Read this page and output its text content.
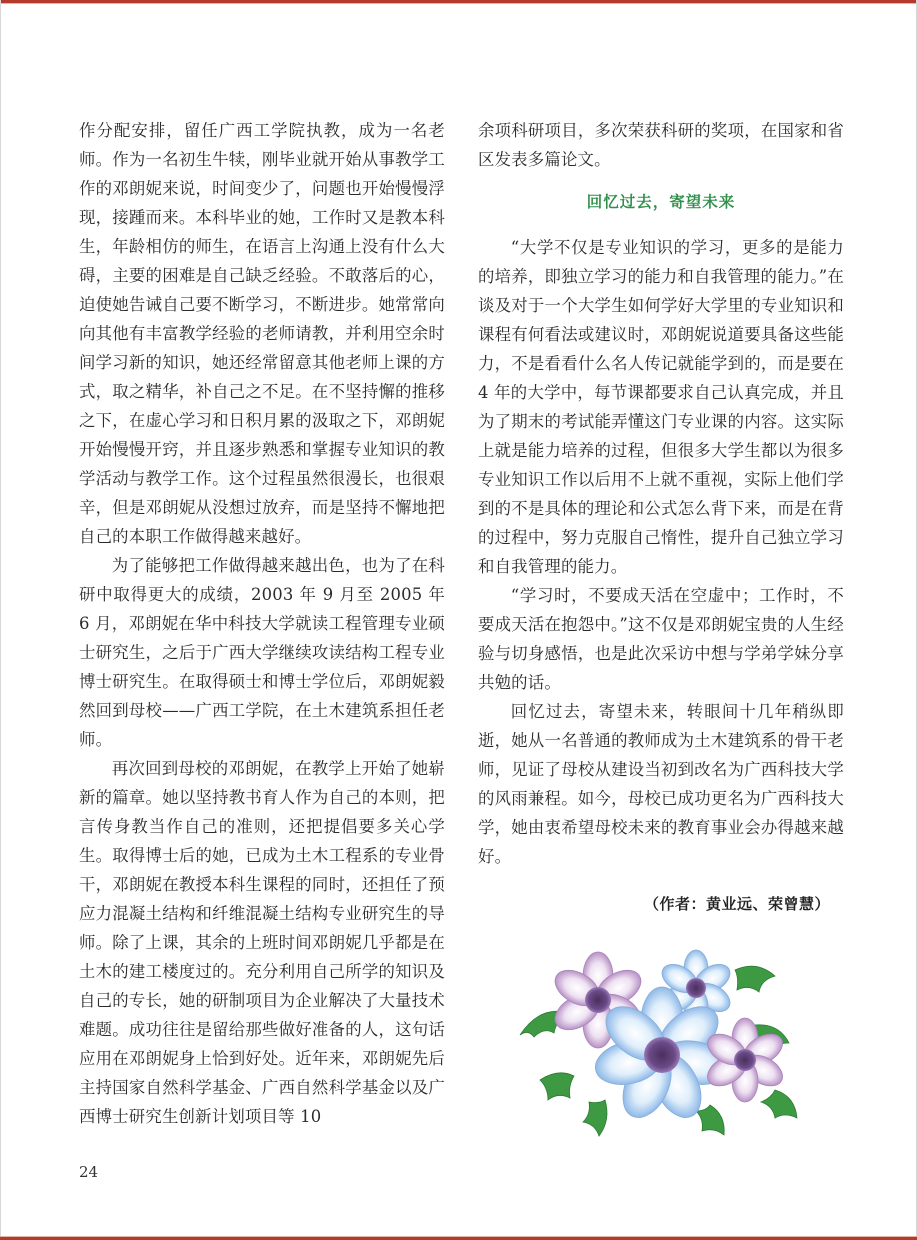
作分配安排，留任广西工学院执教，成为一名老师。作为一名初生牛犊，刚毕业就开始从事教学工作的邓朗妮来说，时间变少了，问题也开始慢慢浮现，接踵而来。本科毕业的她，工作时又是教本科生，年龄相仿的师生，在语言上沟通上没有什么大碍，主要的困难是自己缺乏经验。不敢落后的心，迫使她告诫自己要不断学习，不断进步。她常常向向其他有丰富教学经验的老师请教，并利用空余时间学习新的知识，她还经常留意其他老师上课的方式，取之精华，补自己之不足。在不坚持懈的推移之下，在虚心学习和日积月累的汲取之下，邓朗妮开始慢慢开窍，并且逐步熟悉和掌握专业知识的教学活动与教学工作。这个过程虽然很漫长，也很艰辛，但是邓朗妮从没想过放弃，而是坚持不懈地把自己的本职工作做得越来越好。

为了能够把工作做得越来越出色，也为了在科研中取得更大的成绩，2003 年 9 月至 2005 年 6 月，邓朗妮在华中科技大学就读工程管理专业硕士研究生，之后于广西大学继续攻读结构工程专业博士研究生。在取得硕士和博士学位后，邓朗妮毅然回到母校——广西工学院，在土木建筑系担任老师。

再次回到母校的邓朗妮，在教学上开始了她崭新的篇章。她以坚持教书育人作为自己的本则，把言传身教当作自己的准则，还把提倡要多关心学生。取得博士后的她，已成为土木工程系的专业骨干，邓朗妮在教授本科生课程的同时，还担任了预应力混凝土结构和纤维混凝土结构专业研究生的导师。除了上课，其余的上班时间邓朗妮几乎都是在土木的建工楼度过的。充分利用自己所学的知识及自己的专长，她的研制项目为企业解决了大量技术难题。成功往往是留给那些做好准备的人，这句话应用在邓朗妮身上恰到好处。近年来，邓朗妮先后主持国家自然科学基金、广西自然科学基金以及广西博士研究生创新计划项目等 10

余项科研项目，多次荣获科研的奖项，在国家和省区发表多篇论文。

回忆过去，寄望未来

“大学不仅是专业知识的学习，更多的是能力的培养，即独立学习的能力和自我管理的能力。”在谈及对于一个大学生如何学好大学里的专业知识和课程有何看法或建议时，邓朗妮说道要具备这些能力，不是看看什么名人传记就能学到的，而是要在 4 年的大学中，每节课都要求自己认真完成，并且为了期末的考试能弄懂这门专业课的内容。这实际上就是能力培养的过程，但很多大学生都以为很多专业知识工作以后用不上就不重视，实际上他们学到的不是具体的理论和公式怎么背下来，而是在背的过程中，努力克服自己惰性，提升自己独立学习和自我管理的能力。

“学习时，不要成天活在空虚中；工作时，不要成天活在抱怨中。”这不仅是邓朗妮宝贵的人生经验与切身感悟，也是此次采访中想与学弟学妹分享共勉的话。

回忆过去，寄望未来，转眼间十几年稍纵即逝，她从一名普通的教师成为土木建筑系的骨干老师，见证了母校从建设当初到改名为广西科技大学的风雨兼程。如今，母校已成功更名为广西科技大学，她由衷希望母校未来的教育事业会办得越来越好。

（作者：黄业远、荣曾慧）
24
